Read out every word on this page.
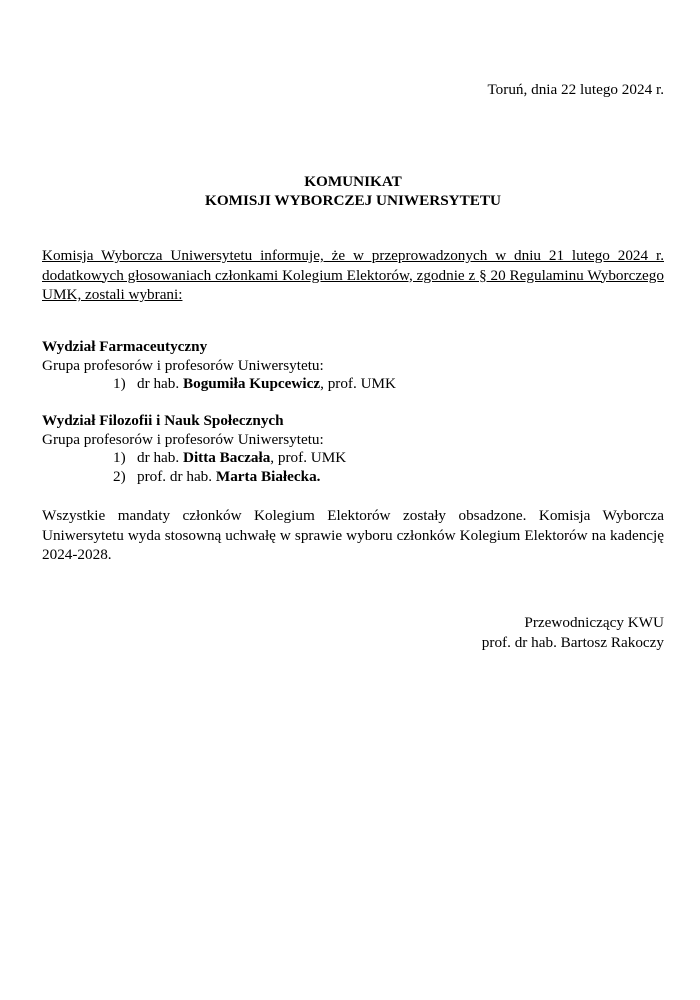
Toruń, dnia 22 lutego 2024 r.
KOMUNIKAT
KOMISJI WYBORCZEJ UNIWERSYTETU

Komisja Wyborcza Uniwersytetu informuje, że w przeprowadzonych w dniu 21 lutego 2024 r. dodatkowych głosowaniach członkami Kolegium Elektorów, zgodnie z § 20 Regulaminu Wyborczego UMK, zostali wybrani:

Wydział Farmaceutyczny
Grupa profesorów i profesorów Uniwersytetu:
1) dr hab. Bogumiła Kupcewicz, prof. UMK
Wydział Filozofii i Nauk Społecznych
Grupa profesorów i profesorów Uniwersytetu:
1) dr hab. Ditta Baczała, prof. UMK
2) prof. dr hab. Marta Białecka.

Wszystkie mandaty członków Kolegium Elektorów zostały obsadzone. Komisja Wyborcza Uniwersytetu wyda stosowną uchwałę w sprawie wyboru członków Kolegium Elektorów na kadencję 2024-2028.

Przewodniczący KWU
prof. dr hab. Bartosz Rakoczy
